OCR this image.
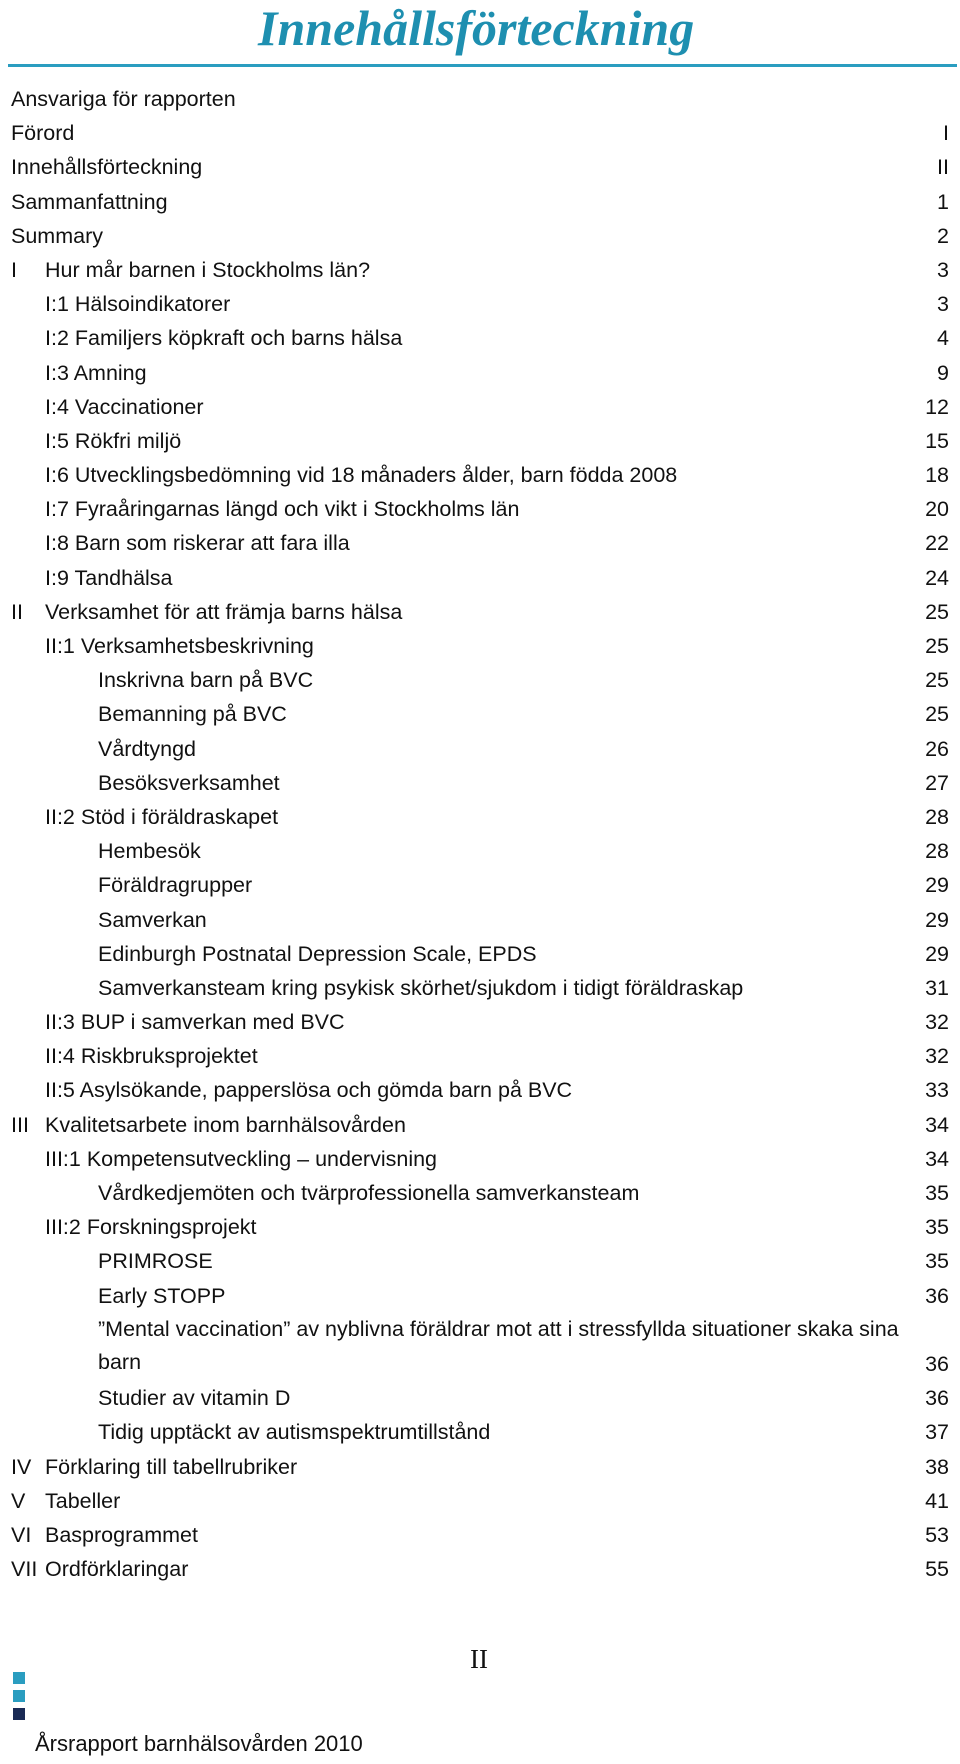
Innehållsförteckning
Ansvariga för rapporten
Förord	I
Innehållsförteckning	II
Sammanfattning	1
Summary	2
I Hur mår barnen i Stockholms län?	3
I:1 Hälsoindikatorer	3
I:2 Familjers köpkraft och barns hälsa	4
I:3 Amning	9
I:4 Vaccinationer	12
I:5 Rökfri miljö	15
I:6 Utvecklingsbedömning vid 18 månaders ålder, barn födda 2008	18
I:7 Fyraåringarnas längd och vikt i Stockholms län	20
I:8 Barn som riskerar att fara illa	22
I:9 Tandhälsa	24
II Verksamhet för att främja barns hälsa	25
II:1 Verksamhetsbeskrivning	25
Inskrivna barn på BVC	25
Bemanning på BVC	25
Vårdtyngd	26
Besöksverksamhet	27
II:2 Stöd i föräldraskapet	28
Hembesök	28
Föräldragrupper	29
Samverkan	29
Edinburgh Postnatal Depression Scale, EPDS	29
Samverkansteam kring psykisk skörhet/sjukdom i tidigt föräldraskap	31
II:3 BUP i samverkan med BVC	32
II:4 Riskbruksprojektet	32
II:5 Asylsökande, papperslösa och gömda barn på BVC	33
III Kvalitetsarbete inom barnhälsovården	34
III:1 Kompetensutveckling – undervisning	34
Vårdkedjemöten och tvärprofessionella samverkansteam	35
III:2 Forskningsprojekt	35
PRIMROSE	35
Early STOPP	36
”Mental vaccination” av nyblivna föräldrar mot att i stressfyllda situationer skaka sina barn	36
Studier av vitamin D	36
Tidig upptäckt av autismspektrumtillstånd	37
IV Förklaring till tabellrubriker	38
V Tabeller	41
VI Basprogrammet	53
VII Ordförklaringar	55
II
Årsrapport barnhälsovården 2010
